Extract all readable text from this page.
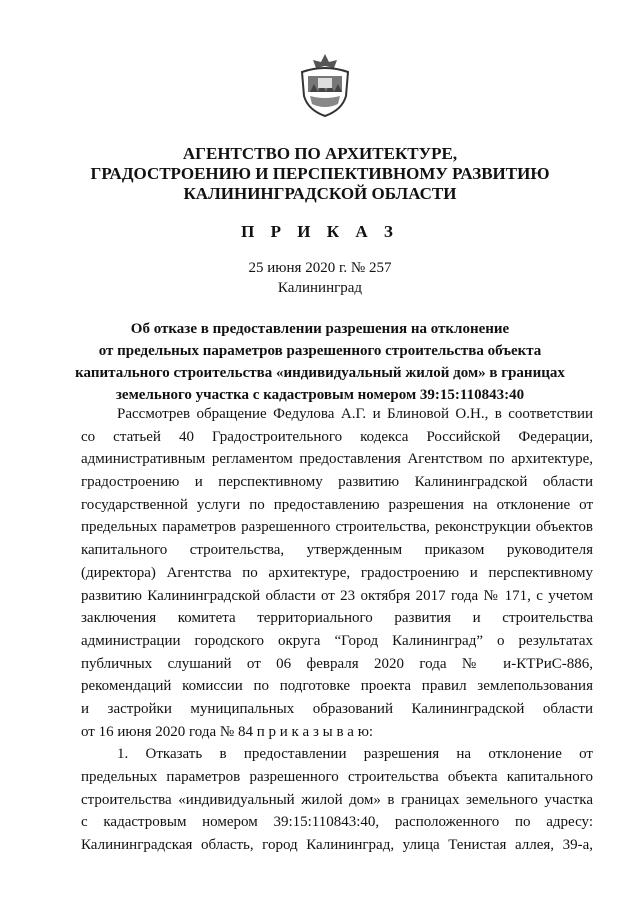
АГЕНТСТВО ПО АРХИТЕКТУРЕ,
ГРАДОСТРОЕНИЮ И ПЕРСПЕКТИВНОМУ РАЗВИТИЮ
КАЛИНИНГРАДСКОЙ ОБЛАСТИ
П Р И К А З
25 июня 2020 г. № 257
Калининград
Об отказе в предоставлении разрешения на отклонение
от предельных параметров разрешенного строительства объекта
капитального строительства «индивидуальный жилой дом» в границах
земельного участка с кадастровым номером 39:15:110843:40
Рассмотрев обращение Федулова А.Г. и Блиновой О.Н., в соответствии
со статьей 40 Градостроительного кодекса Российской Федерации,
административным регламентом предоставления Агентством по архитектуре,
градостроению и перспективному развитию Калининградской области
государственной услуги по предоставлению разрешения на отклонение от
предельных параметров разрешенного строительства, реконструкции объектов
капитального строительства, утвержденным приказом руководителя
(директора) Агентства по архитектуре, градостроению и перспективному
развитию Калининградской области от 23 октября 2017 года № 171, с учетом
заключения комитета территориального развития и строительства
администрации городского округа “Город Калининград” о результатах
публичных слушаний от 06 февраля 2020 года № и-КТРиС-886,
рекомендаций комиссии по подготовке проекта правил землепользования
и застройки муниципальных образований Калининградской области
от 16 июня 2020 года № 84 п р и к а з ы в а ю:
1. Отказать в предоставлении разрешения на отклонение от
предельных параметров разрешенного строительства объекта капитального
строительства «индивидуальный жилой дом» в границах земельного участка
с кадастровым номером 39:15:110843:40, расположенного по адресу:
Калининградская область, город Калининград, улица Тенистая аллея, 39-а,
